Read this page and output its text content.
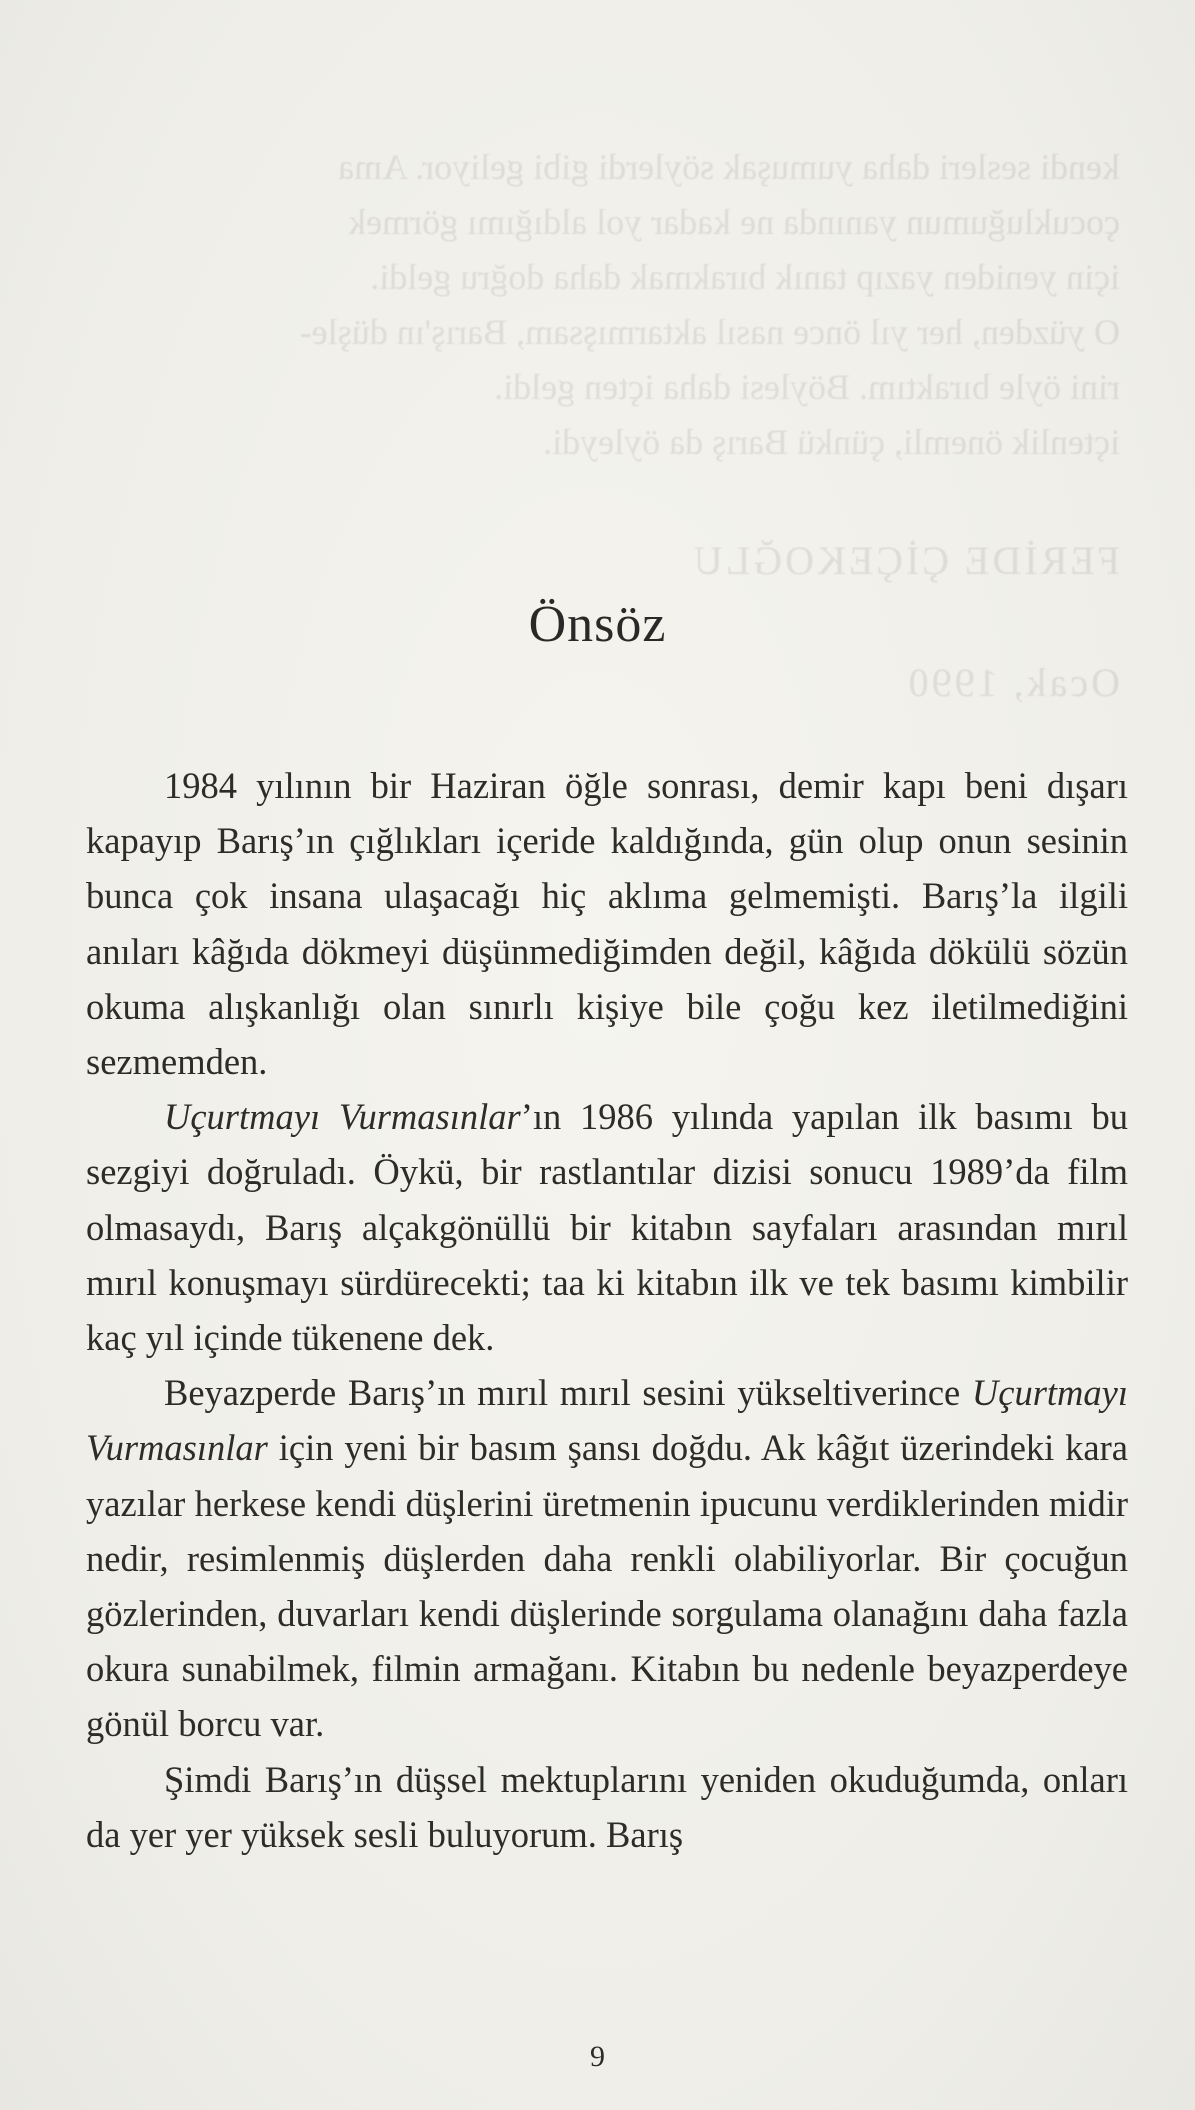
kendi sesleri daha yumuşak söylerdi gibi geliyor. Ama
çocukluğumun yanında ne kadar yol aldığımı görmek
için yeniden yazıp tanık bırakmak daha doğru geldi.
O yüzden, her yıl önce nasıl aktarmışsam, Barış'ın düşle-
rini öyle bıraktım. Böylesi daha içten geldi.
içtenlik önemli, çünkü Barış da öyleydi.
FERİDE ÇİÇEKOĞLU
Ocak, 1990
Önsöz

1984 yılının bir Haziran öğle sonrası, demir kapı beni dışarı kapayıp Barış’ın çığlıkları içeride kaldığında, gün olup onun sesinin bunca çok insana ulaşacağı hiç aklıma gelmemişti. Barış’la ilgili anıları kâğıda dökmeyi düşünmediğimden değil, kâğıda dökülü sözün okuma alışkanlığı olan sınırlı kişiye bile çoğu kez iletilmediğini sezmemden.

Uçurtmayı Vurmasınlar’ın 1986 yılında yapılan ilk basımı bu sezgiyi doğruladı. Öykü, bir rastlantılar dizisi sonucu 1989’da film olmasaydı, Barış alçakgönüllü bir kitabın sayfaları arasından mırıl mırıl konuşmayı sürdürecekti; taa ki kitabın ilk ve tek basımı kimbilir kaç yıl içinde tükenene dek.

Beyazperde Barış’ın mırıl mırıl sesini yükseltiverince Uçurtmayı Vurmasınlar için yeni bir basım şansı doğdu. Ak kâğıt üzerindeki kara yazılar herkese kendi düşlerini üretmenin ipucunu verdiklerinden midir nedir, resimlenmiş düşlerden daha renkli olabiliyorlar. Bir çocuğun gözlerinden, duvarları kendi düşlerinde sorgulama olanağını daha fazla okura sunabilmek, filmin armağanı. Kitabın bu nedenle beyazperdeye gönül borcu var.

Şimdi Barış’ın düşsel mektuplarını yeniden okuduğumda, onları da yer yer yüksek sesli buluyorum. Barış

9
